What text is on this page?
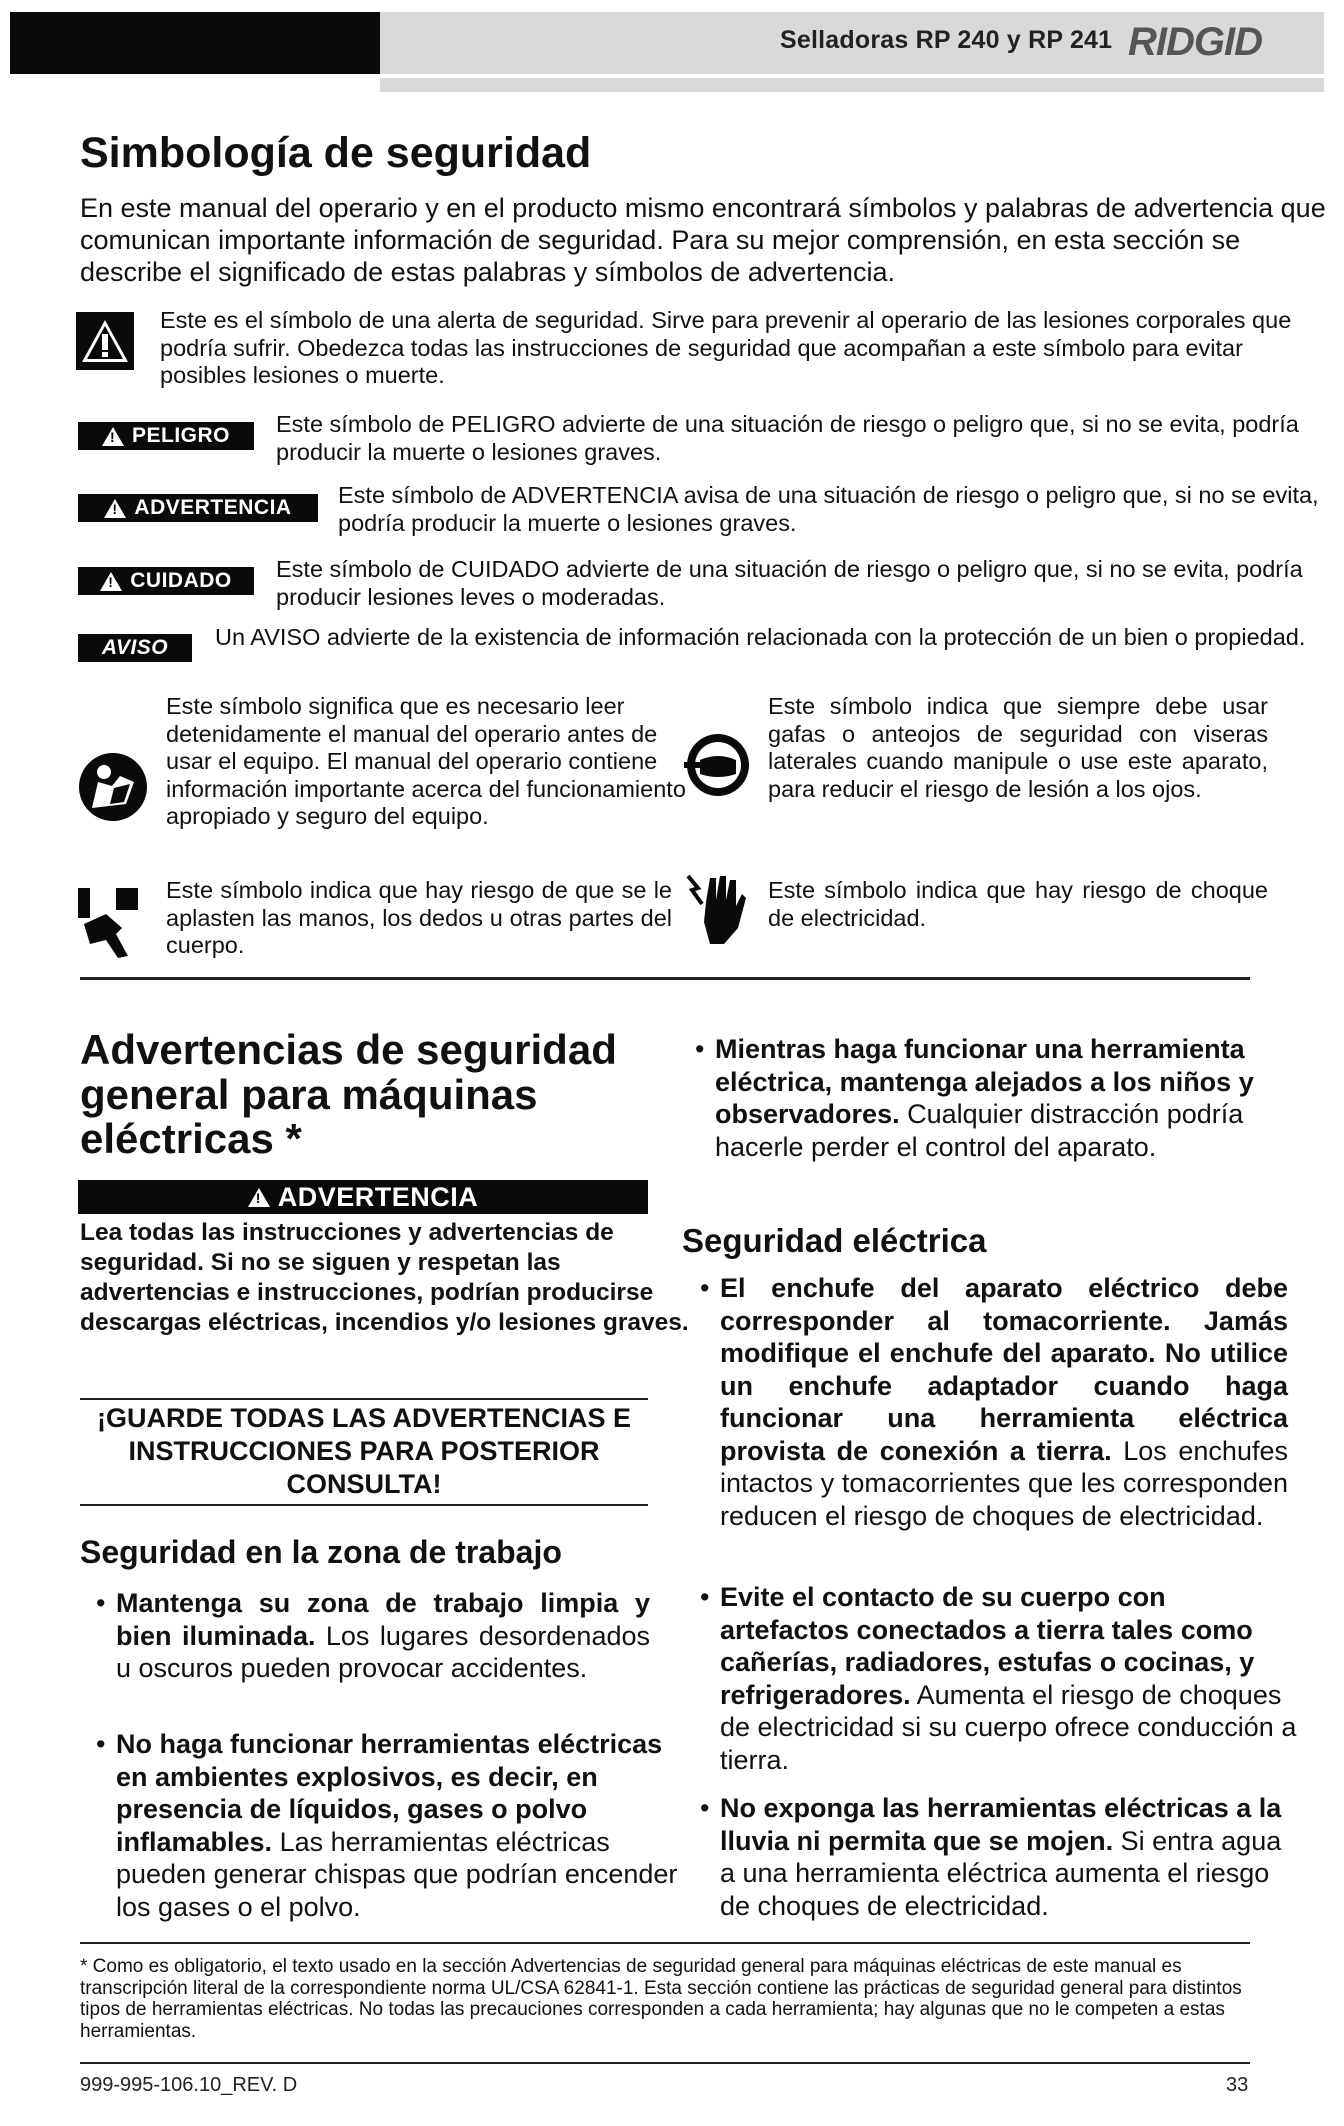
Selladoras RP 240 y RP 241 RIDGID
Simbología de seguridad
En este manual del operario y en el producto mismo encontrará símbolos y palabras de advertencia que comunican importante información de seguridad. Para su mejor comprensión, en esta sección se describe el significado de estas palabras y símbolos de advertencia.
Este es el símbolo de una alerta de seguridad. Sirve para prevenir al operario de las lesiones corporales que podría sufrir. Obedezca todas las instrucciones de seguridad que acompañan a este símbolo para evitar posibles lesiones o muerte.
!
PELIGRO Este símbolo de PELIGRO advierte de una situación de riesgo o peligro que, si no se evita, podría producir la muerte o lesiones graves.
!
ADVERTENCIA Este símbolo de ADVERTENCIA avisa de una situación de riesgo o peligro que, si no se evita, podría producir la muerte o lesiones graves.
!
CUIDADO Este símbolo de CUIDADO advierte de una situación de riesgo o peligro que, si no se evita, podría producir lesiones leves o moderadas.
AVISO Un AVISO advierte de la existencia de información relacionada con la protección de un bien o propiedad.
Este símbolo significa que es necesario leer detenidamente el manual del operario antes de usar el equipo. El manual del operario contiene información importante acerca del funcionamiento apropiado y seguro del equipo.
Este símbolo indica que siempre debe usar gafas o anteojos de seguridad con viseras laterales cuando manipule o use este aparato, para reducir el riesgo de lesión a los ojos.
Este símbolo indica que hay riesgo de que se le aplasten las manos, los dedos u otras partes del cuerpo.
Este símbolo indica que hay riesgo de choque de electricidad.
Advertencias de seguridad general para máquinas eléctricas *
!
ADVERTENCIA
Lea todas las instrucciones y advertencias de seguridad. Si no se siguen y respetan las advertencias e instrucciones, podrían producirse descargas eléctricas, incendios y/o lesiones graves.
¡GUARDE TODAS LAS ADVERTENCIAS E INSTRUCCIONES PARA POSTERIOR CONSULTA!
Seguridad en la zona de trabajo
• Mantenga su zona de trabajo limpia y bien iluminada. Los lugares desordenados u oscuros pueden provocar accidentes.
• No haga funcionar herramientas eléctricas en ambientes explosivos, es decir, en presencia de líquidos, gases o polvo inflamables. Las herramientas eléctricas pueden generar chispas que podrían encender los gases o el polvo.
• Mientras haga funcionar una herramienta eléctrica, mantenga alejados a los niños y observadores. Cualquier distracción podría hacerle perder el control del aparato.
Seguridad eléctrica
• El enchufe del aparato eléctrico debe corresponder al tomacorriente. Jamás modifique el enchufe del aparato. No utilice un enchufe adaptador cuando haga funcionar una herramienta eléctrica provista de conexión a tierra. Los enchufes intactos y tomacorrientes que les corresponden reducen el riesgo de choques de electricidad.
• Evite el contacto de su cuerpo con artefactos conectados a tierra tales como cañerías, radiadores, estufas o cocinas, y refrigeradores. Aumenta el riesgo de choques de electricidad si su cuerpo ofrece conducción a tierra.
• No exponga las herramientas eléctricas a la lluvia ni permita que se mojen. Si entra agua a una herramienta eléctrica aumenta el riesgo de choques de electricidad.
* Como es obligatorio, el texto usado en la sección Advertencias de seguridad general para máquinas eléctricas de este manual es transcripción literal de la correspondiente norma UL/CSA 62841-1. Esta sección contiene las prácticas de seguridad general para distintos tipos de herramientas eléctricas. No todas las precauciones corresponden a cada herramienta; hay algunas que no le competen a estas herramientas.
999-995-106.10_REV. D	33
